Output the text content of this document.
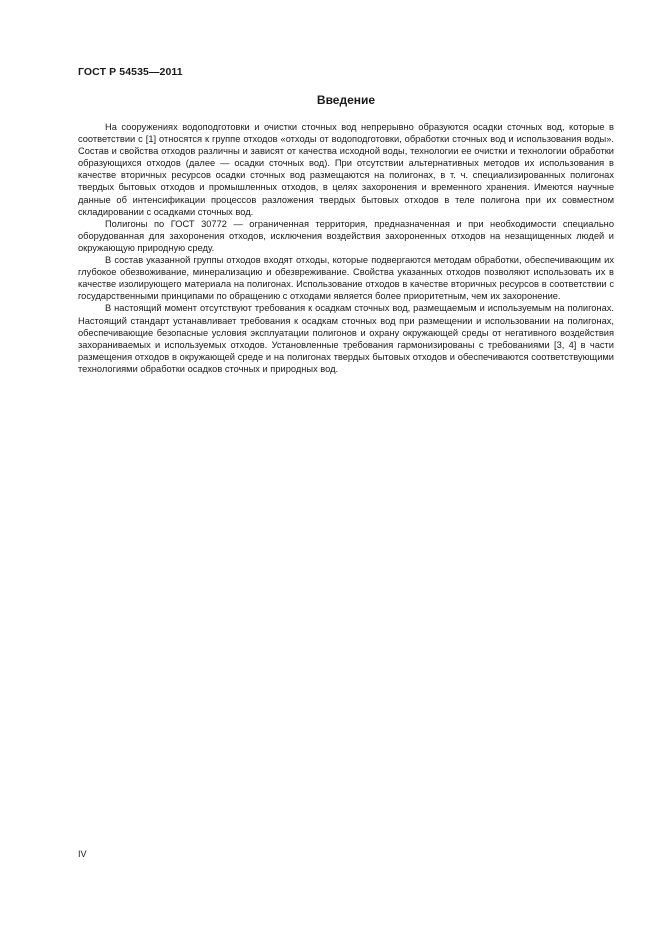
ГОСТ Р 54535—2011
Введение

На сооружениях водоподготовки и очистки сточных вод непрерывно образуются осадки сточных вод, которые в соответствии с [1] относятся к группе отходов «отходы от водоподготовки, обработки сточных вод и использования воды». Состав и свойства отходов различны и зависят от качества исходной воды, технологии ее очистки и технологии обработки образующихся отходов (далее — осадки сточных вод). При отсутствии альтернативных методов их использования в качестве вторичных ресурсов осадки сточных вод размещаются на полигонах, в т. ч. специализированных полигонах твердых бытовых отходов и промышленных отходов, в целях захоронения и временного хранения. Имеются научные данные об интенсификации процессов разложения твердых бытовых отходов в теле полигона при их совместном складировании с осадками сточных вод.

Полигоны по ГОСТ 30772 — ограниченная территория, предназначенная и при необходимости специально оборудованная для захоронения отходов, исключения воздействия захороненных отходов на незащищенных людей и окружающую природную среду.

В состав указанной группы отходов входят отходы, которые подвергаются методам обработки, обеспечивающим их глубокое обезвоживание, минерализацию и обезвреживание. Свойства указанных отходов позволяют использовать их в качестве изолирующего материала на полигонах. Использование отходов в качестве вторичных ресурсов в соответствии с государственными принципами по обращению с отходами является более приоритетным, чем их захоронение.

В настоящий момент отсутствуют требования к осадкам сточных вод, размещаемым и используемым на полигонах. Настоящий стандарт устанавливает требования к осадкам сточных вод при размещении и использовании на полигонах, обеспечивающие безопасные условия эксплуатации полигонов и охрану окружающей среды от негативного воздействия захораниваемых и используемых отходов. Установленные требования гармонизированы с требованиями [3, 4] в части размещения отходов в окружающей среде и на полигонах твердых бытовых отходов и обеспечиваются соответствующими технологиями обработки осадков сточных и природных вод.

IV
